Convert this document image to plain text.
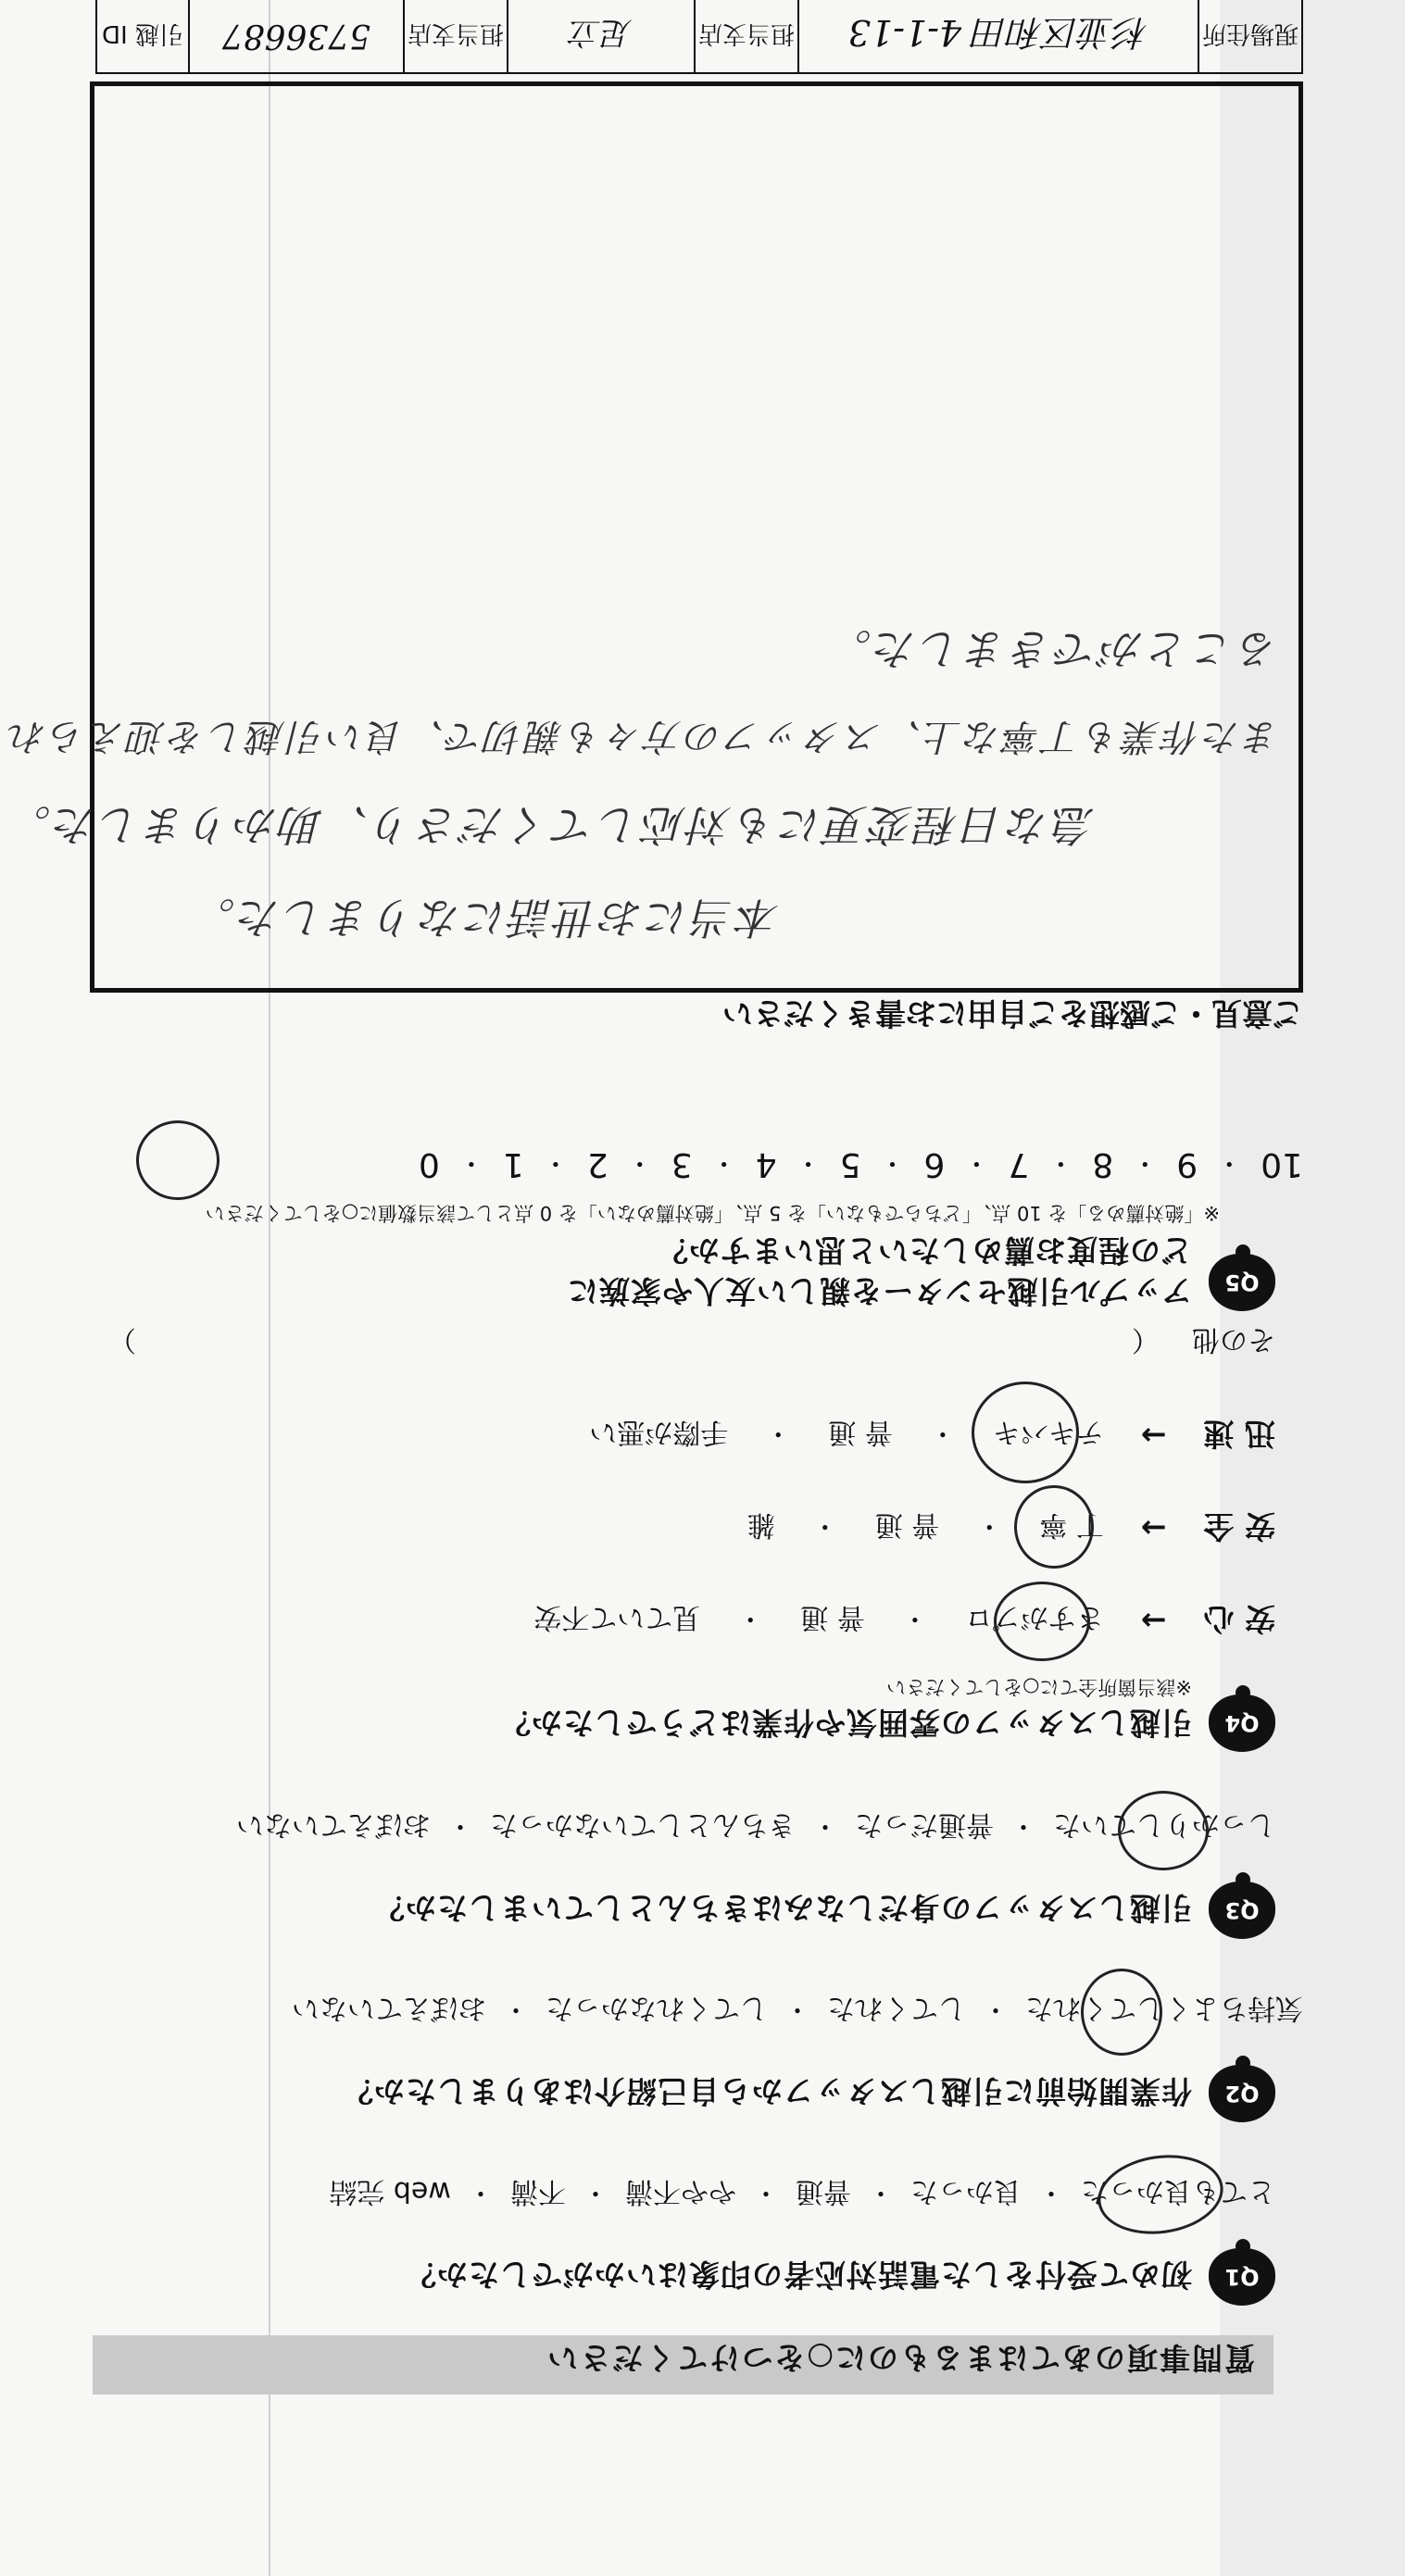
質問事項のあてはまるものに○をつけてください
Q1
初めて受付をした電話対応者の印象はいかがでしたか？
とても良かった
・
良かった
・
普通
・
やや不満
・
不満
・
web 完結
Q2
作業開始前に引越しスタッフから自己紹介はありましたか？
気持ちよくしてくれた
・
してくれた
・
してくれなかった
・
おぼえていない
Q3
引越しスタッフの身だしなみはきちんとしていましたか？
しっかりしていた
・
普通だった
・
きちんとしていなかった
・
おぼえていない
Q4
引越しスタッフの雰囲気や作業はどうでしたか？
※該当箇所全てに○をしてください
安 心
→
さすがプロ
・
普 通
・
見ていて不安
安 全
→
丁 寧
・
普 通
・
雑
迅 速
→
テキパキ
・
普 通
・
手際が悪い
その他 （
）
Q5
アップル引越センターを親しい友人や家族に
どの程度お薦めしたいと思いますか？
※「絶対薦める」を 10 点、「どちらでもない」を 5 点、「絶対薦めない」を 0 点として該当数値に○をしてください
10
・
9
・
8
・
7
・
6
・
5
・
4
・
3
・
2
・
1
・
0
ご意見・ご感想をご自由にお書きください
本当にお世話になりました。
急な日程変更にも対応してくださり、助かりました。
また作業も丁寧な上、スタッフの方々も親切で、良い引越しを迎えられ
ることができました。
現場住所
杉並区和田 4-1-13
担当支店
足立
担当支店
5736687
引越 ID
